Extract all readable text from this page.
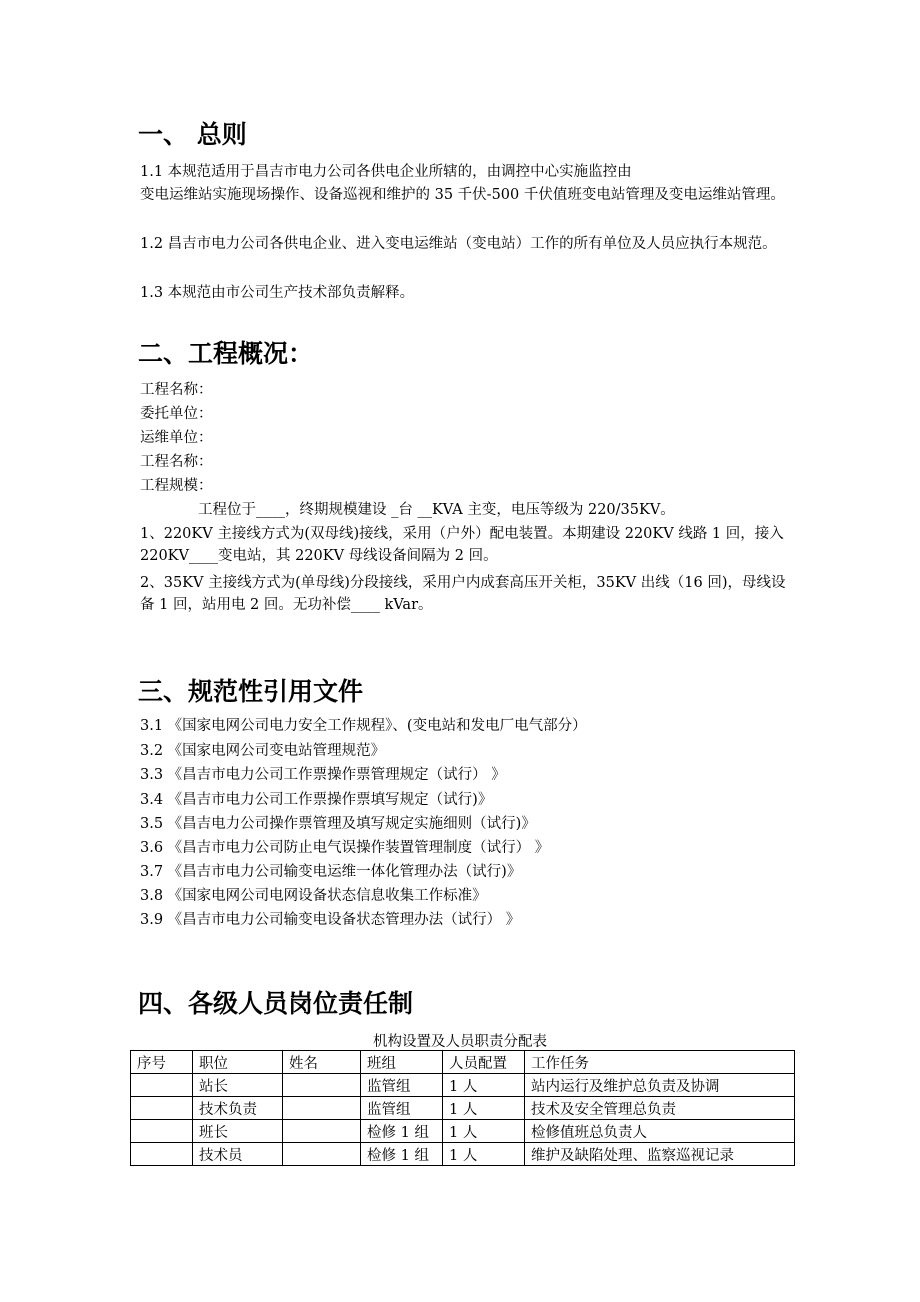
一、 总则
1.1 本规范适用于昌吉市电力公司各供电企业所辖的，由调控中心实施监控由
变电运维站实施现场操作、设备巡视和维护的 35 千伏-500 千伏值班变电站管理及变电运维站管理。
1.2 昌吉市电力公司各供电企业、进入变电运维站（变电站）工作的所有单位及人员应执行本规范。
1.3 本规范由市公司生产技术部负责解释。
二、工程概况：
工程名称：
委托单位：
运维单位：
工程名称：
工程规模：
工程位于____，终期规模建设 _台 __KVA 主变，电压等级为 220/35KV。
1、220KV 主接线方式为(双母线)接线，采用（户外）配电装置。本期建设 220KV 线路 1 回，接入 220KV____变电站，其 220KV 母线设备间隔为 2 回。
2、35KV 主接线方式为(单母线)分段接线，采用户内成套高压开关柜，35KV 出线（16 回)，母线设备 1 回，站用电 2 回。无功补偿____ kVar。
三、规范性引用文件
3.1 《国家电网公司电力安全工作规程》、(变电站和发电厂电气部分）
3.2 《国家电网公司变电站管理规范》
3.3 《昌吉市电力公司工作票操作票管理规定（试行） 》
3.4 《昌吉市电力公司工作票操作票填写规定（试行)》
3.5 《昌吉电力公司操作票管理及填写规定实施细则（试行)》
3.6 《昌吉市电力公司防止电气误操作装置管理制度（试行） 》
3.7 《昌吉市电力公司输变电运维一体化管理办法（试行)》
3.8 《国家电网公司电网设备状态信息收集工作标准》
3.9 《昌吉市电力公司输变电设备状态管理办法（试行） 》
四、各级人员岗位责任制
机构设置及人员职责分配表
序号	职位	姓名	班组	人员配置	工作任务
	站长		监管组	1 人	站内运行及维护总负责及协调
	技术负责		监管组	1 人	技术及安全管理总负责
	班长		检修 1 组	1 人	检修值班总负责人
	技术员		检修 1 组	1 人	维护及缺陷处理、监察巡视记录
